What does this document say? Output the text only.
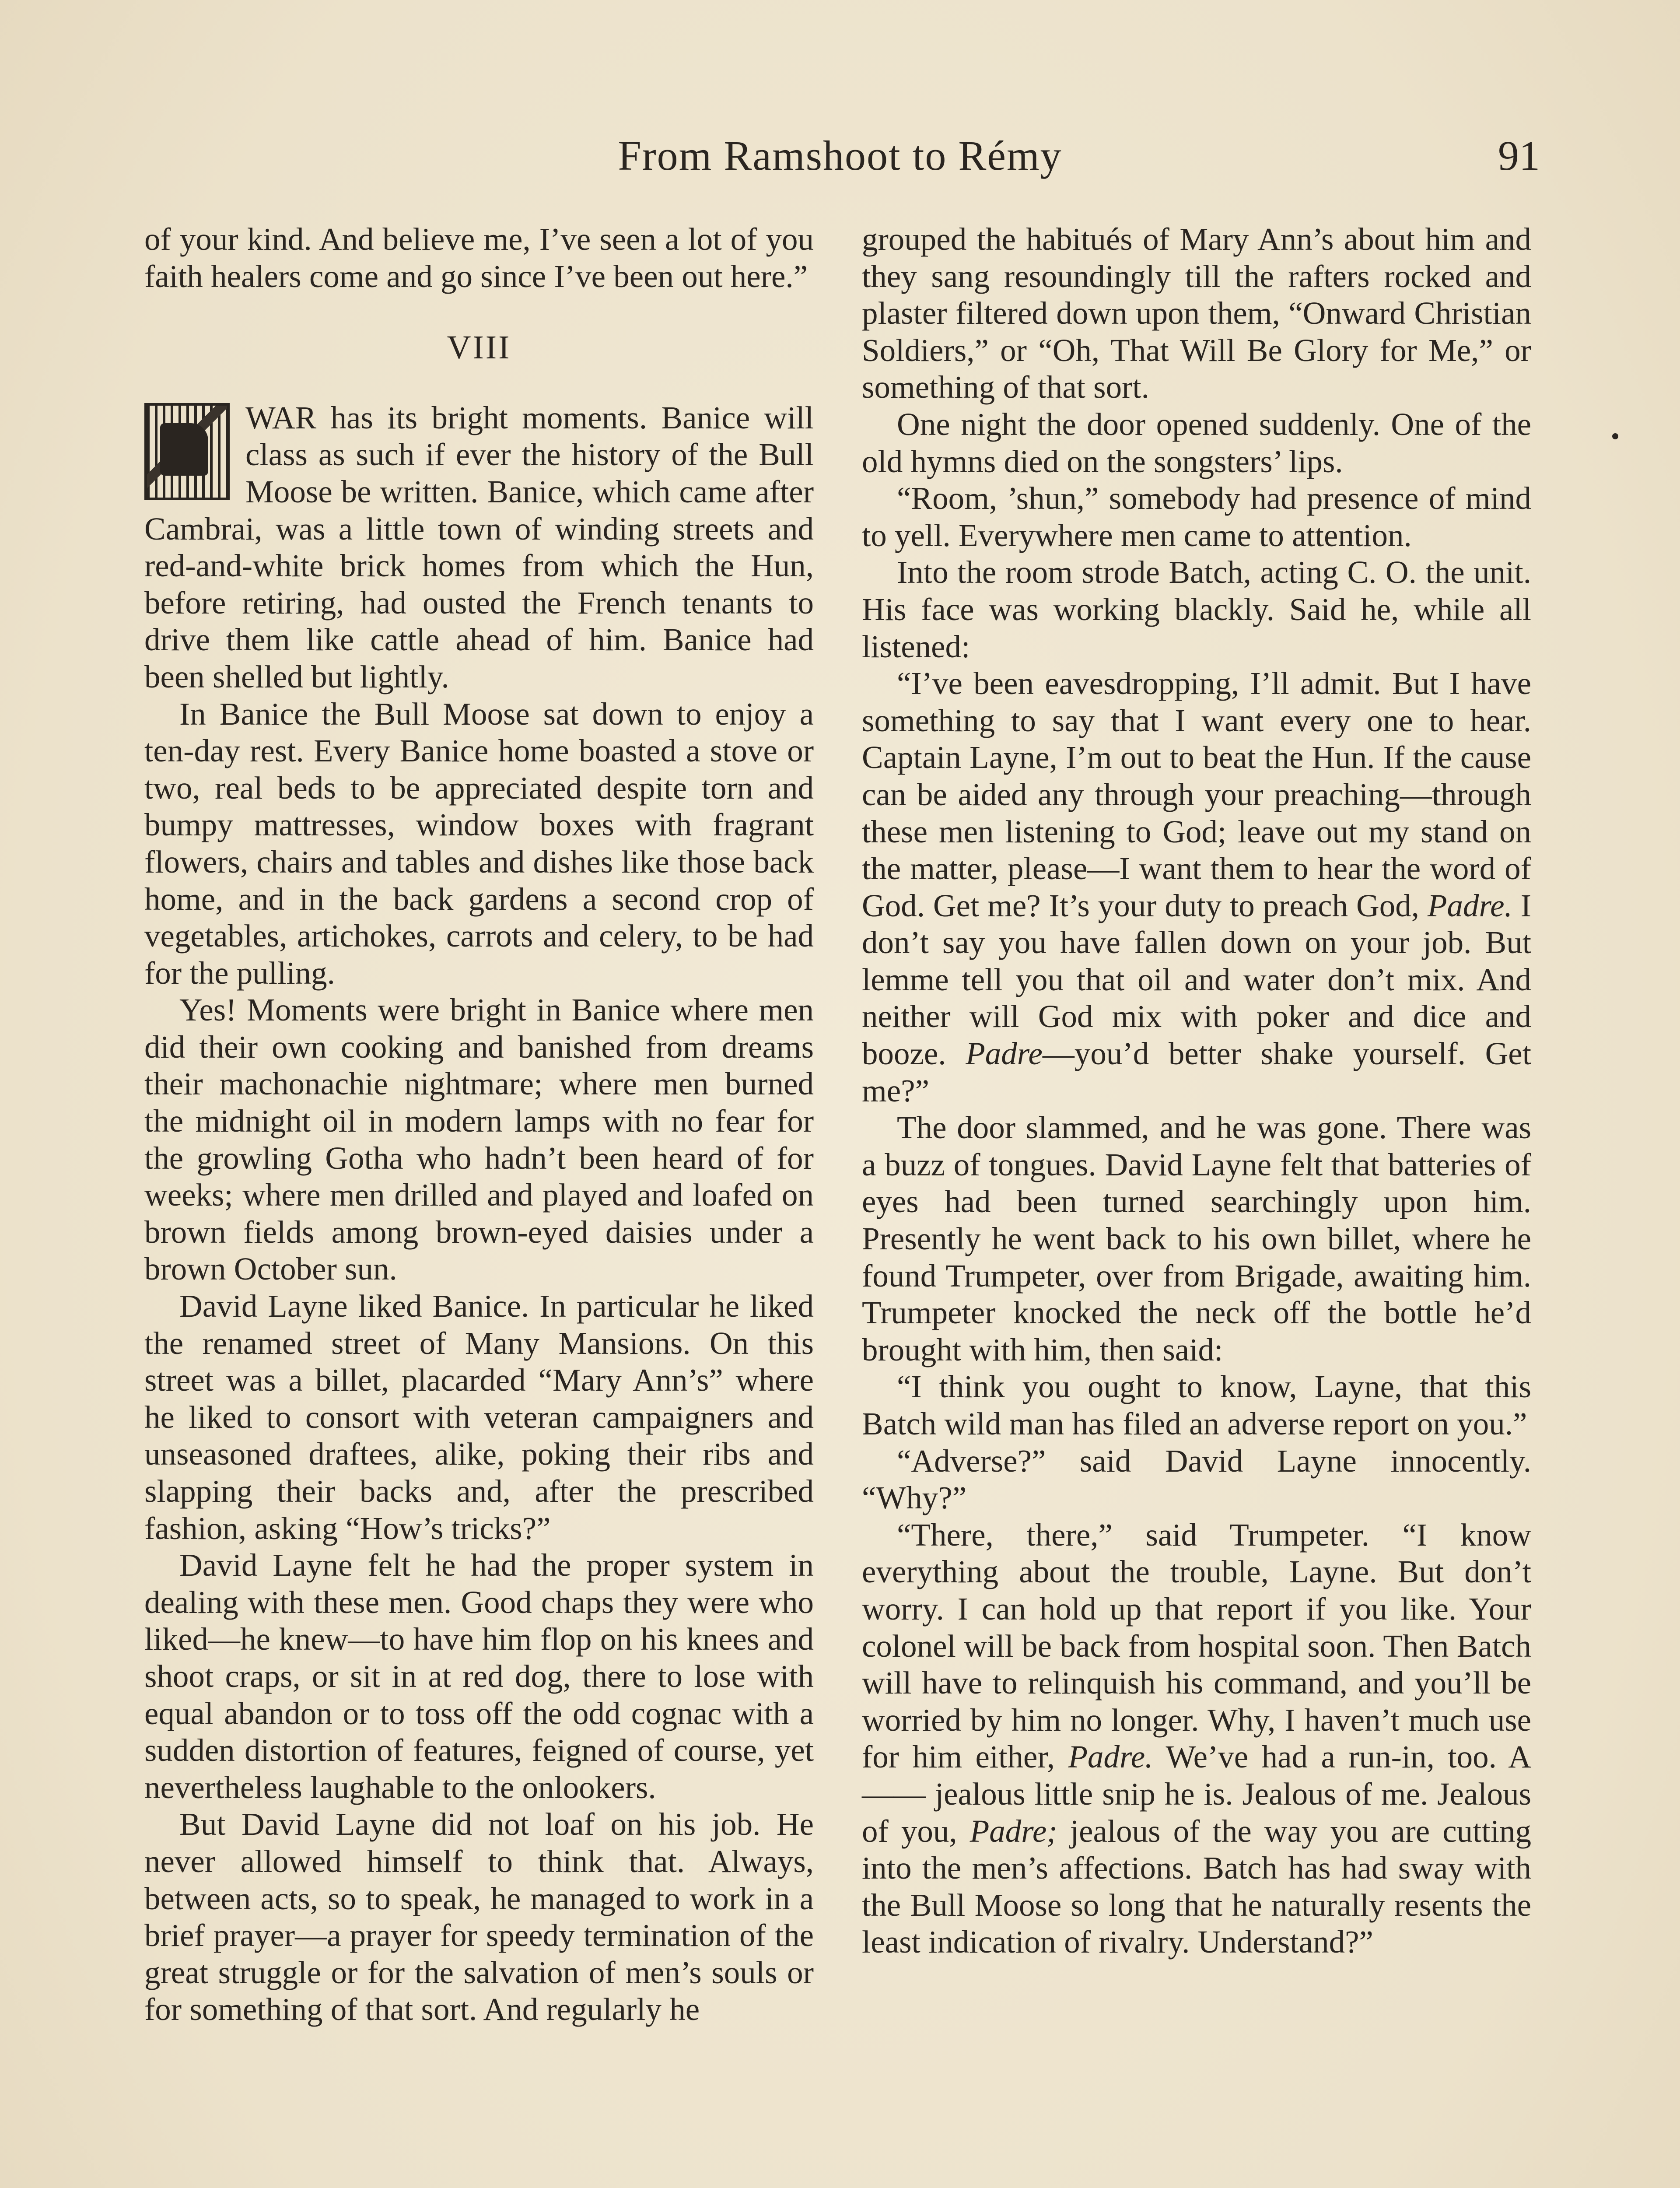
From Ramshoot to Rémy	91

of your kind. And believe me, I’ve seen a lot of you faith healers come and go since I’ve been out here.”

VIII

WAR has its bright moments. Banice will class as such if ever the history of the Bull Moose be written. Banice, which came after Cambrai, was a little town of winding streets and red-and-white brick homes from which the Hun, before retiring, had ousted the French tenants to drive them like cattle ahead of him. Banice had been shelled but lightly.

In Banice the Bull Moose sat down to enjoy a ten-day rest. Every Banice home boasted a stove or two, real beds to be appreciated despite torn and bumpy mattresses, window boxes with fragrant flowers, chairs and tables and dishes like those back home, and in the back gardens a second crop of vegetables, artichokes, carrots and celery, to be had for the pulling.

Yes! Moments were bright in Banice where men did their own cooking and banished from dreams their machonachie nightmare; where men burned the midnight oil in modern lamps with no fear for the growling Gotha who hadn’t been heard of for weeks; where men drilled and played and loafed on brown fields among brown-eyed daisies under a brown October sun.

David Layne liked Banice. In particular he liked the renamed street of Many Mansions. On this street was a billet, placarded “Mary Ann’s” where he liked to consort with veteran campaigners and unseasoned draftees, alike, poking their ribs and slapping their backs and, after the prescribed fashion, asking “How’s tricks?”

David Layne felt he had the proper system in dealing with these men. Good chaps they were who liked—he knew—to have him flop on his knees and shoot craps, or sit in at red dog, there to lose with equal abandon or to toss off the odd cognac with a sudden distortion of features, feigned of course, yet nevertheless laughable to the onlookers.

But David Layne did not loaf on his job. He never allowed himself to think that. Always, between acts, so to speak, he managed to work in a brief prayer—a prayer for speedy termination of the great struggle or for the salvation of men’s souls or for something of that sort. And regularly he

grouped the habitués of Mary Ann’s about him and they sang resoundingly till the rafters rocked and plaster filtered down upon them, “Onward Christian Soldiers,” or “Oh, That Will Be Glory for Me,” or something of that sort.

One night the door opened suddenly. One of the old hymns died on the songsters’ lips.

“Room, ’shun,” somebody had presence of mind to yell. Everywhere men came to attention.

Into the room strode Batch, acting C. O. the unit. His face was working blackly. Said he, while all listened:

“I’ve been eavesdropping, I’ll admit. But I have something to say that I want every one to hear. Captain Layne, I’m out to beat the Hun. If the cause can be aided any through your preaching—through these men listening to God; leave out my stand on the matter, please—I want them to hear the word of God. Get me? It’s your duty to preach God, Padre. I don’t say you have fallen down on your job. But lemme tell you that oil and water don’t mix. And neither will God mix with poker and dice and booze. Padre—you’d better shake yourself. Get me?”

The door slammed, and he was gone. There was a buzz of tongues. David Layne felt that batteries of eyes had been turned searchingly upon him. Presently he went back to his own billet, where he found Trumpeter, over from Brigade, awaiting him. Trumpeter knocked the neck off the bottle he’d brought with him, then said:

“I think you ought to know, Layne, that this Batch wild man has filed an adverse report on you.”

“Adverse?” said David Layne innocently. “Why?”

“There, there,” said Trumpeter. “I know everything about the trouble, Layne. But don’t worry. I can hold up that report if you like. Your colonel will be back from hospital soon. Then Batch will have to relinquish his command, and you’ll be worried by him no longer. Why, I haven’t much use for him either, Padre. We’ve had a run-in, too. A —— jealous little snip he is. Jealous of me. Jealous of you, Padre; jealous of the way you are cutting into the men’s affections. Batch has had sway with the Bull Moose so long that he naturally resents the least indication of rivalry. Understand?”
